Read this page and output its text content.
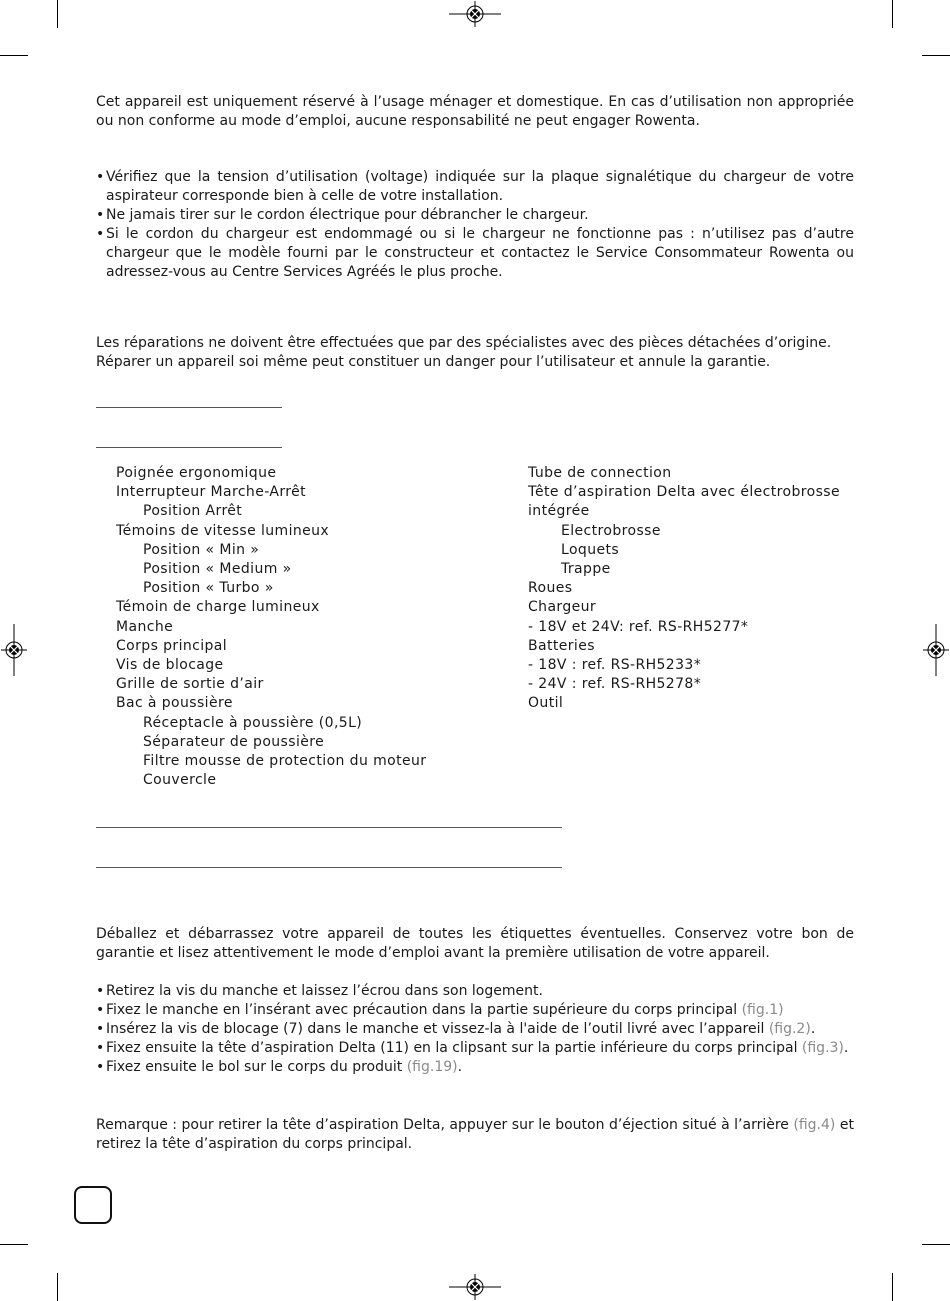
Cet appareil est uniquement réservé à l’usage ménager et domestique. En cas d’utilisation non appropriée ou non conforme au mode d’emploi, aucune responsabilité ne peut engager Rowenta.
• Vérifiez que la tension d’utilisation (voltage) indiquée sur la plaque signalétique du chargeur de votre aspirateur corresponde bien à celle de votre installation.
• Ne jamais tirer sur le cordon électrique pour débrancher le chargeur.
• Si le cordon du chargeur est endommagé ou si le chargeur ne fonctionne pas : n’utilisez pas d’autre chargeur que le modèle fourni par le constructeur et contactez le Service Consommateur Rowenta ou adressez-vous au Centre Services Agréés le plus proche.
Les réparations ne doivent être effectuées que par des spécialistes avec des pièces détachées d’origine. Réparer un appareil soi même peut constituer un danger pour l’utilisateur et annule la garantie.
Poignée ergonomique
Interrupteur Marche-Arrêt
Position Arrêt
Témoins de vitesse lumineux
Position « Min »
Position « Medium »
Position « Turbo »
Témoin de charge lumineux
Manche
Corps principal
Vis de blocage
Grille de sortie d’air
Bac à poussière
Réceptacle à poussière (0,5L)
Séparateur de poussière
Filtre mousse de protection du moteur
Couvercle
Tube de connection
Tête d’aspiration Delta avec électrobrosse
intégrée
Electrobrosse
Loquets
Trappe
Roues
Chargeur
- 18V et 24V: ref. RS-RH5277*
Batteries
- 18V : ref. RS-RH5233*
- 24V : ref. RS-RH5278*
Outil
Déballez et débarrassez votre appareil de toutes les étiquettes éventuelles. Conservez votre bon de garantie et lisez attentivement le mode d’emploi avant la première utilisation de votre appareil.
• Retirez la vis du manche et laissez l’écrou dans son logement.
• Fixez le manche en l’insérant avec précaution dans la partie supérieure du corps principal (fig.1)
• Insérez la vis de blocage (7) dans le manche et vissez-la à l'aide de l’outil livré avec l’appareil (fig.2).
• Fixez ensuite la tête d’aspiration Delta (11) en la clipsant sur la partie inférieure du corps principal (fig.3).
• Fixez ensuite le bol sur le corps du produit (fig.19).
Remarque : pour retirer la tête d’aspiration Delta, appuyer sur le bouton d’éjection situé à l’arrière (fig.4) et retirez la tête d’aspiration du corps principal.
